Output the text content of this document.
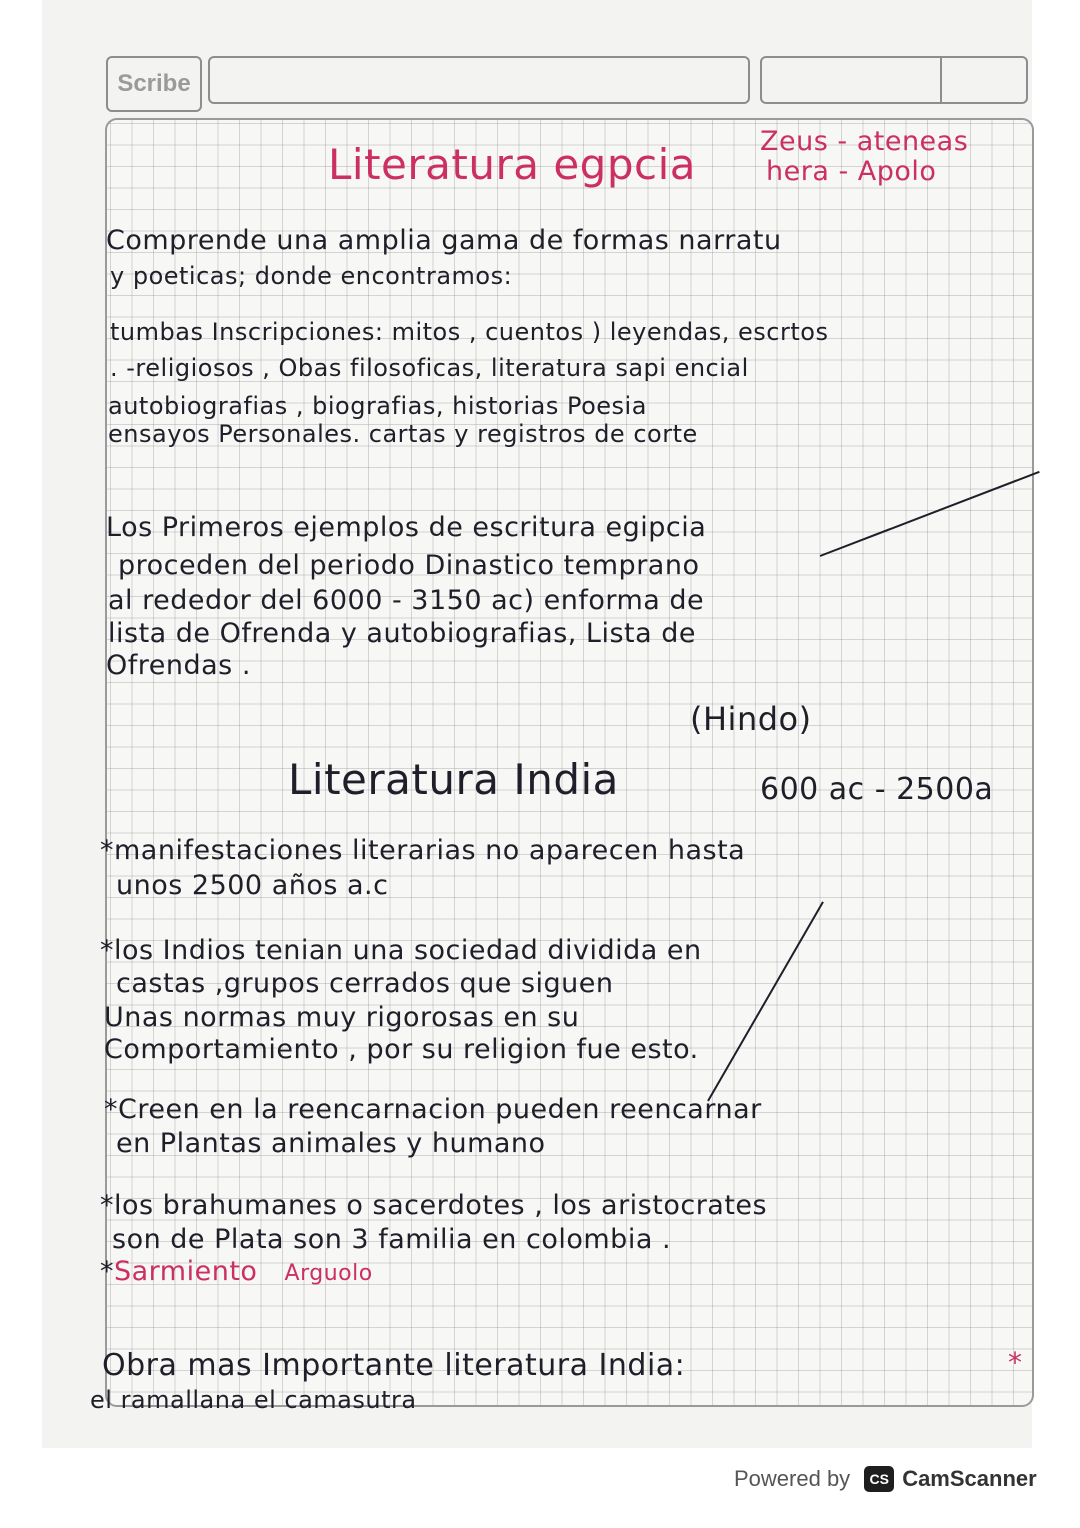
Scribe
Literatura egpcia Zeus - ateneas
hera - Apolo
Comprende una amplia gama de formas narratu
y poeticas; donde encontramos:
tumbas Inscripciones: mitos , cuentos ) leyendas, escrtos
. -religiosos , Obas filosoficas, literatura sapi encial
autobiografias , biografias, historias Poesia
ensayos Personales. cartas y registros de corte
Los Primeros ejemplos de escritura egipcia
proceden del periodo Dinastico temprano
al rededor del 6000 - 3150 ac) enforma de
lista de Ofrenda y autobiografias, Lista de
Ofrendas .
(Hindo)
Literatura India	600 ac - 2500a
*manifestaciones literarias no aparecen hasta
unos 2500 años a.c
*los Indios tenian una sociedad dividida en
castas ,grupos cerrados que siguen
Unas normas muy rigorosas en su
Comportamiento , por su religion fue esto.
*Creen en la reencarnacion pueden reencarnar
en Plantas animales y humano
*los brahumanes o sacerdotes , los aristocrates
son de Plata son 3 familia en colombia .
*Sarmiento Arguolo
Obra mas Importante literatura India:	*
el ramallana el camasutra
Powered by	CS CamScanner
